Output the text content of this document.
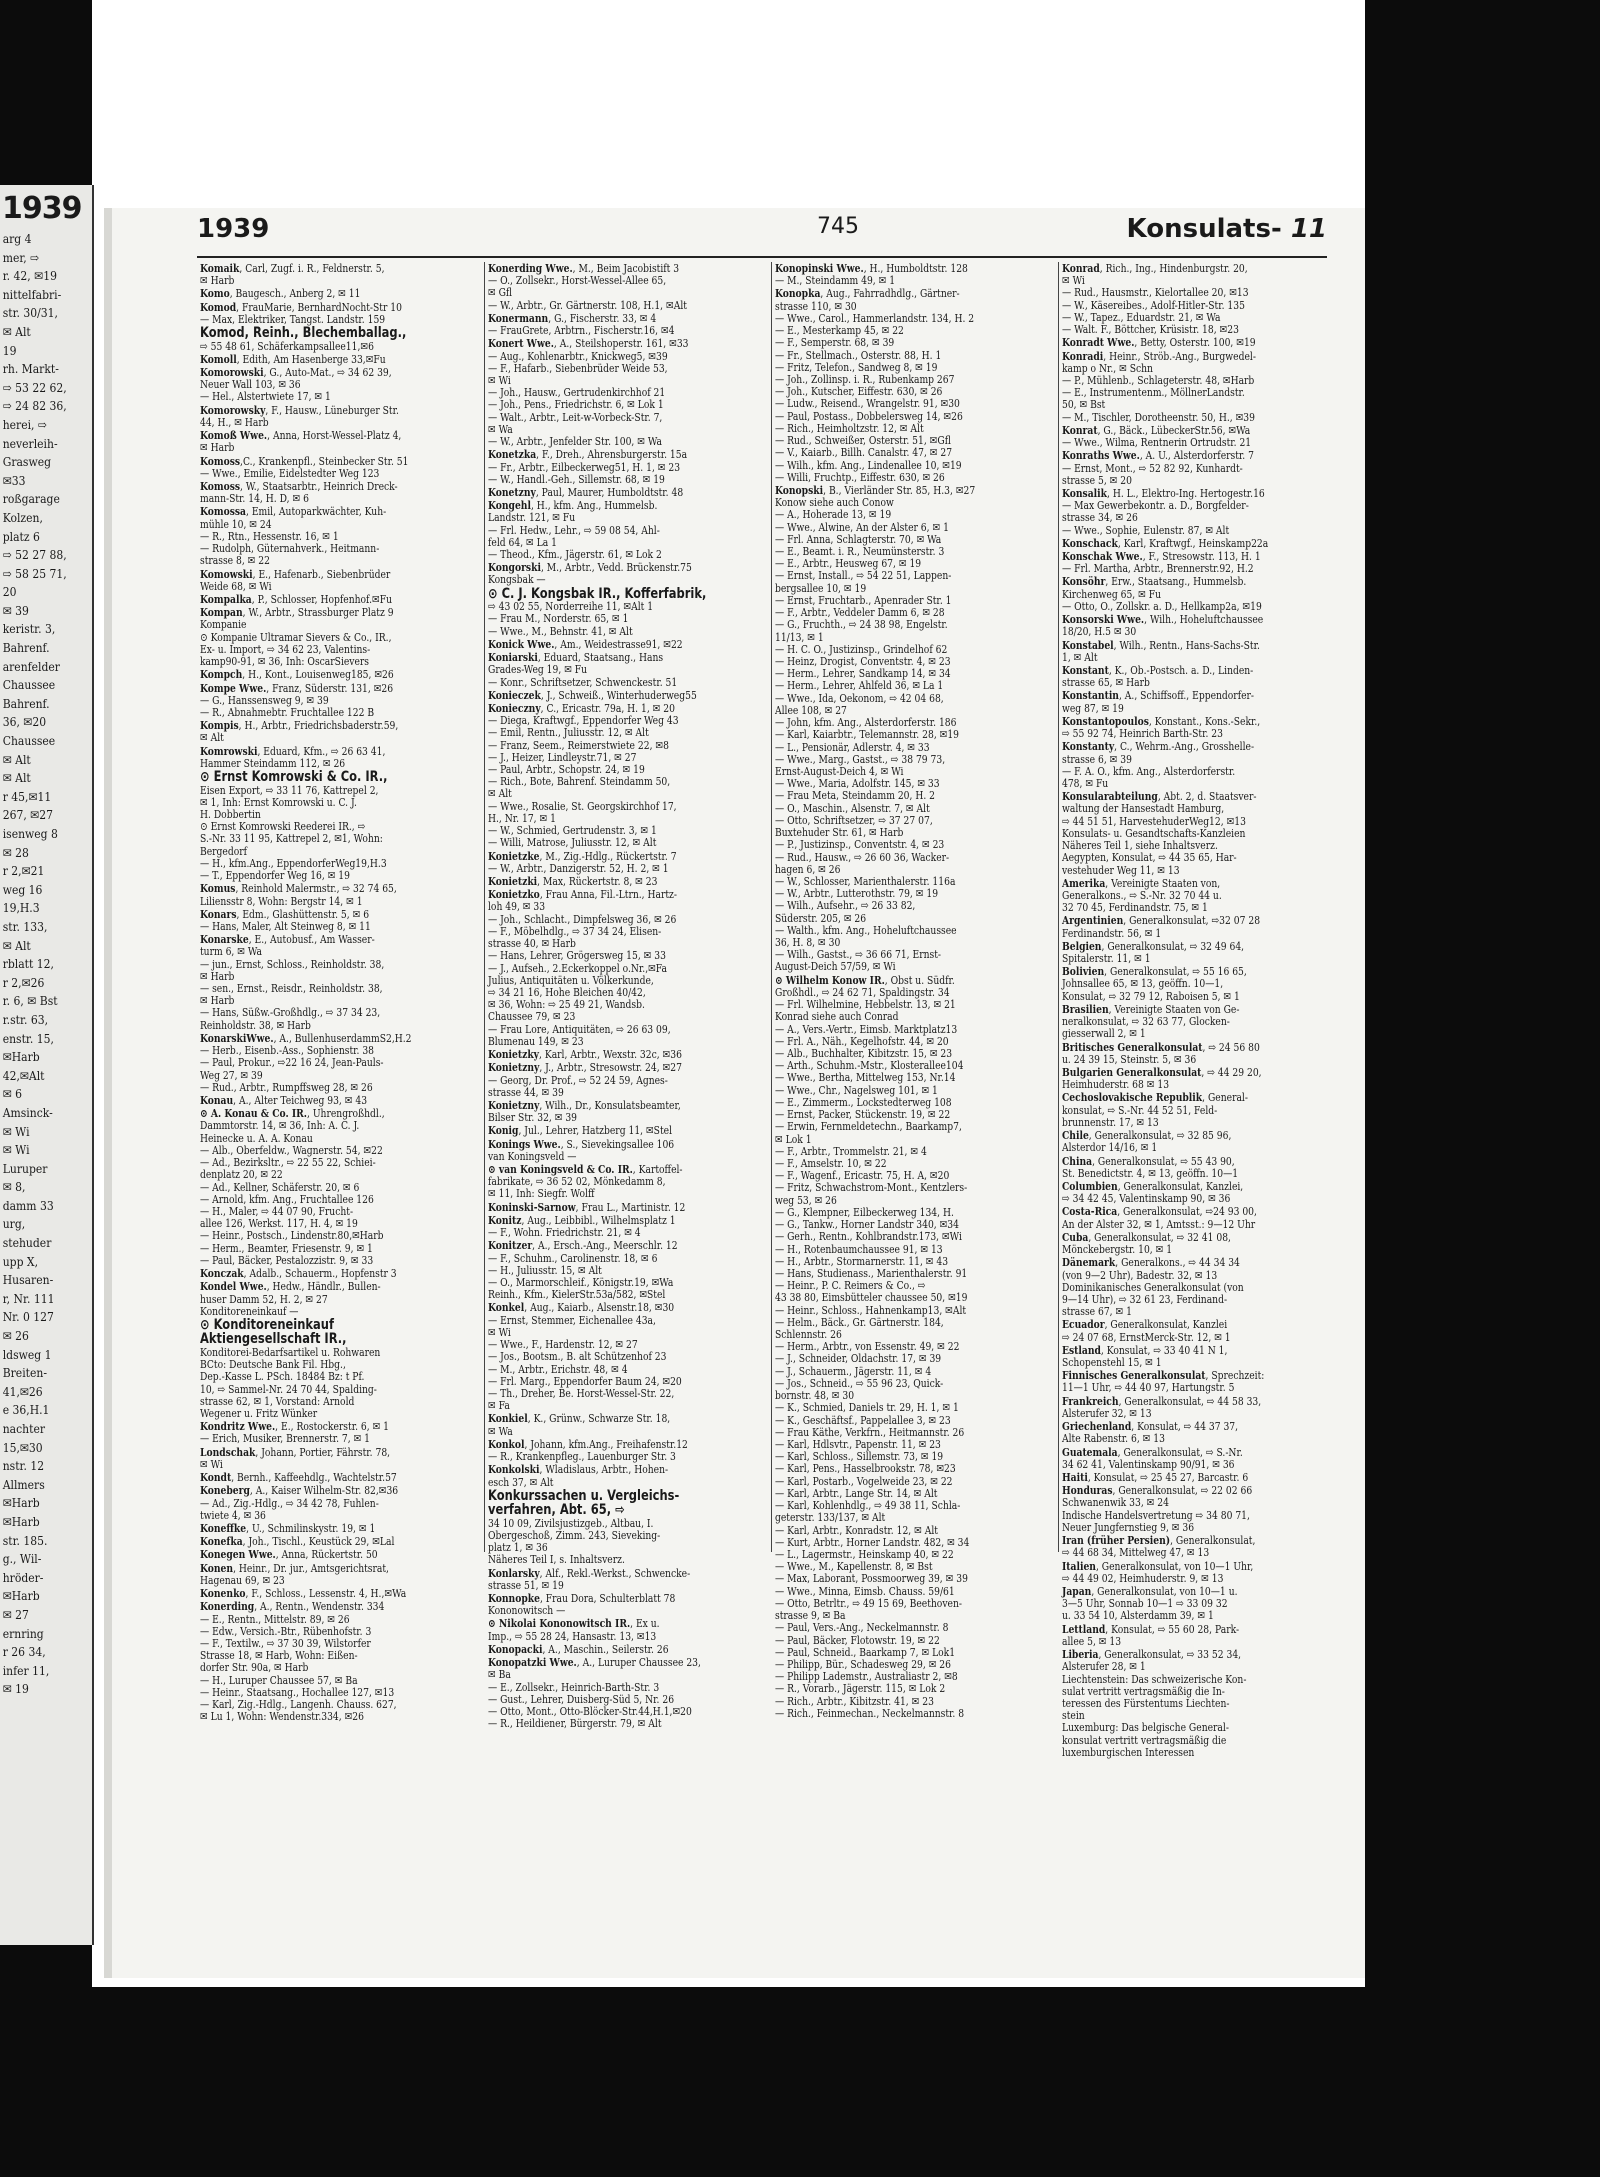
1939
arg 4
mer, ⇨
r. 42, ✉19
nittelfabri-
str. 30/31,
✉ Alt
19
rh. Markt-
⇨ 53 22 62,
⇨ 24 82 36,
herei, ⇨
neverleih-
Grasweg
✉33
roßgarage
Kolzen,
platz 6
⇨ 52 27 88,
⇨ 58 25 71,
20
✉ 39
keristr. 3,
Bahrenf.
arenfelder
Chaussee
Bahrenf.
36, ✉20
Chaussee
✉ Alt
✉ Alt
r 45,✉11
267, ✉27
isenweg 8
✉ 28
r 2,✉21
weg 16
19,H.3
str. 133,
✉ Alt
rblatt 12,
r 2,✉26
r. 6, ✉ Bst
r.str. 63,
enstr. 15,
✉Harb
42,✉Alt
✉ 6
Amsinck-
✉ Wi
✉ Wi
Luruper
✉ 8,
damm 33
urg,
stehuder
upp X,
Husaren-
r, Nr. 111
Nr. 0 127
✉ 26
ldsweg 1
Breiten-
41,✉26
e 36,H.1
nachter
15,✉30
nstr. 12
Allmers
✉Harb
✉Harb
str. 185.
g., Wil-
hröder-
✉Harb
✉ 27
ernring
r 26 34,
infer 11,
✉ 19
1939	745	Konsulats- 11
Komaik, Carl, Zugf. i. R., Feldnerstr. 5,
✉ Harb
Komo, Baugesch., Anberg 2, ✉ 11
Komod, FrauMarie, BernhardNocht-Str 10
— Max, Elektriker, Tangst. Landstr. 159
Komod, Reinh., Blechemballag.,
⇨ 55 48 61, Schäferkampsallee11,✉6
Komoll, Edith, Am Hasenberge 33,✉Fu
Komorowski, G., Auto-Mat., ⇨ 34 62 39,
Neuer Wall 103, ✉ 36
— Hel., Alstertwiete 17, ✉ 1
Komorowsky, F., Hausw., Lüneburger Str.
44, H., ✉ Harb
Komoß Wwe., Anna, Horst-Wessel-Platz 4,
✉ Harb
Komoss,C., Krankenpfl., Steinbecker Str. 51
— Wwe., Emilie, Eidelstedter Weg 123
Komoss, W., Staatsarbtr., Heinrich Dreck-
mann-Str. 14, H. D, ✉ 6
Komossa, Emil, Autoparkwächter, Kuh-
mühle 10, ✉ 24
— R., Rtn., Hessenstr. 16, ✉ 1
— Rudolph, Güternahverk., Heitmann-
strasse 8, ✉ 22
Komowski, E., Hafenarb., Siebenbrüder
Weide 68, ✉ Wi
Kompalka, P., Schlosser, Hopfenhof.✉Fu
Kompan, W., Arbtr., Strassburger Platz 9
Kompanie
⊙ Kompanie Ultramar Sievers & Co., IR.,
Ex- u. Import, ⇨ 34 62 23, Valentins-
kamp90-91, ✉ 36, Inh: OscarSievers
Kompch, H., Kont., Louisenweg185, ✉26
Kompe Wwe., Franz, Süderstr. 131, ✉26
— G., Hanssensweg 9, ✉ 39
— R., Abnahmebtr. Fruchtallee 122 B
Kompis, H., Arbtr., Friedrichsbaderstr.59,
✉ Alt
Komrowski, Eduard, Kfm., ⇨ 26 63 41,
Hammer Steindamm 112, ✉ 26
⊙ Ernst Komrowski & Co. IR.,
Eisen Export, ⇨ 33 11 76, Kattrepel 2,
✉ 1, Inh: Ernst Komrowski u. C. J.
H. Dobbertin
⊙ Ernst Komrowski Reederei IR., ⇨
S.-Nr. 33 11 95, Kattrepel 2, ✉1, Wohn:
Bergedorf
— H., kfm.Ang., EppendorferWeg19,H.3
— T., Eppendorfer Weg 16, ✉ 19
Komus, Reinhold Malermstr., ⇨ 32 74 65,
Liliensstr 8, Wohn: Bergstr 14, ✉ 1
Konars, Edm., Glashüttenstr. 5, ✉ 6
— Hans, Maler, Alt Steinweg 8, ✉ 11
Konarske, E., Autobusf., Am Wasser-
turm 6, ✉ Wa
— jun., Ernst, Schloss., Reinholdstr. 38,
✉ Harb
— sen., Ernst., Reisdr., Reinholdstr. 38,
✉ Harb
— Hans, Süßw.-Großhdlg., ⇨ 37 34 23,
Reinholdstr. 38, ✉ Harb
KonarskiWwe., A., BullenhuserdammS2,H.2
— Herb., Eisenb.-Ass., Sophienstr. 38
— Paul, Prokur., ⇨22 16 24, Jean-Pauls-
Weg 27, ✉ 39
— Rud., Arbtr., Rumpffsweg 28, ✉ 26
Konau, A., Alter Teichweg 93, ✉ 43
⊙ A. Konau & Co. IR., Uhrengroßhdl.,
Dammtorstr. 14, ✉ 36, Inh: A. C. J.
Heinecke u. A. A. Konau
— Alb., Oberfeldw., Wagnerstr. 54, ✉22
— Ad., Bezirksltr., ⇨ 22 55 22, Schiei-
denplatz 20, ✉ 22
— Ad., Kellner, Schäferstr. 20, ✉ 6
— Arnold, kfm. Ang., Fruchtallee 126
— H., Maler, ⇨ 44 07 90, Frucht-
allee 126, Werkst. 117, H. 4, ✉ 19
— Heinr., Postsch., Lindenstr.80,✉Harb
— Herm., Beamter, Friesenstr. 9, ✉ 1
— Paul, Bäcker, Pestalozzistr. 9, ✉ 33
Konczak, Adalb., Schauerm., Hopfenstr 3
Kondel Wwe., Hedw., Händlr., Bullen-
huser Damm 52, H. 2, ✉ 27
Konditoreneinkauf —
⊙ Konditoreneinkauf
Aktiengesellschaft IR.,
Konditorei-Bedarfsartikel u. Rohwaren
BCto: Deutsche Bank Fil. Hbg.,
Dep.-Kasse L. PSch. 18484 Bz: t Pf.
10, ⇨ Sammel-Nr. 24 70 44, Spalding-
strasse 62, ✉ 1, Vorstand: Arnold
Wegener u. Fritz Wünker
Kondritz Wwe., E., Rostockerstr. 6, ✉ 1
— Erich, Musiker, Brennerstr. 7, ✉ 1
Londschak, Johann, Portier, Fährstr. 78,
✉ Wi
Kondt, Bernh., Kaffeehdlg., Wachtelstr.57
Koneberg, A., Kaiser Wilhelm-Str. 82,✉36
— Ad., Zig.-Hdlg., ⇨ 34 42 78, Fuhlen-
twiete 4, ✉ 36
Koneffke, U., Schmilinskystr. 19, ✉ 1
Konefka, Joh., Tischl., Keustück 29, ✉Lal
Konegen Wwe., Anna, Rückertstr. 50
Konen, Heinr., Dr. jur., Amtsgerichtsrat,
Hagenau 69, ✉ 23
Konenko, F., Schloss., Lessenstr. 4, H.,✉Wa
Konerding, A., Rentn., Wendenstr. 334
— E., Rentn., Mittelstr. 89, ✉ 26
— Edw., Versich.-Btr., Rübenhofstr. 3
— F., Textilw., ⇨ 37 30 39, Wilstorfer
Strasse 18, ✉ Harb, Wohn: Eißen-
dorfer Str. 90a, ✉ Harb
— H., Luruper Chaussee 57, ✉ Ba
— Heinr., Staatsang., Hochallee 127, ✉13
— Karl, Zig.-Hdlg., Langenh. Chauss. 627,
✉ Lu 1, Wohn: Wendenstr.334, ✉26
Konerding Wwe., M., Beim Jacobistift 3
— O., Zollsekr., Horst-Wessel-Allee 65,
✉ Gfl
— W., Arbtr., Gr. Gärtnerstr. 108, H.1, ✉Alt
Konermann, G., Fischerstr. 33, ✉ 4
— FrauGrete, Arbtrn., Fischerstr.16, ✉4
Konert Wwe., A., Steilshoperstr. 161, ✉33
— Aug., Kohlenarbtr., Knickweg5, ✉39
— F., Hafarb., Siebenbrüder Weide 53,
✉ Wi
— Joh., Hausw., Gertrudenkirchhof 21
— Joh., Pens., Friedrichstr. 6, ✉ Lok 1
— Walt., Arbtr., Leit-w-Vorbeck-Str. 7,
✉ Wa
— W., Arbtr., Jenfelder Str. 100, ✉ Wa
Konetzka, F., Dreh., Ahrensburgerstr. 15a
— Fr., Arbtr., Eilbeckerweg51, H. 1, ✉ 23
— W., Handl.-Geh., Sillemstr. 68, ✉ 19
Konetzny, Paul, Maurer, Humboldtstr. 48
Kongehl, H., kfm. Ang., Hummelsb.
Landstr. 121, ✉ Fu
— Frl. Hedw., Lehr., ⇨ 59 08 54, Ahl-
feld 64, ✉ La 1
— Theod., Kfm., Jägerstr. 61, ✉ Lok 2
Kongorski, M., Arbtr., Vedd. Brückenstr.75
Kongsbak —
⊙ C. J. Kongsbak IR., Kofferfabrik,
⇨ 43 02 55, Norderreihe 11, ✉Alt 1
— Frau M., Norderstr. 65, ✉ 1
— Wwe., M., Behnstr. 41, ✉ Alt
Konick Wwe., Am., Weidestrasse91, ✉22
Koniarski, Eduard, Staatsang., Hans
Grades-Weg 19, ✉ Fu
— Konr., Schriftsetzer, Schwenckestr. 51
Konieczek, J., Schweiß., Winterhuderweg55
Konieczny, C., Ericastr. 79a, H. 1, ✉ 20
— Diega, Kraftwgf., Eppendorfer Weg 43
— Emil, Rentn., Juliusstr. 12, ✉ Alt
— Franz, Seem., Reimerstwiete 22, ✉8
— J., Heizer, Lindleystr.71, ✉ 27
— Paul, Arbtr., Schopstr. 24, ✉ 19
— Rich., Bote, Bahrenf. Steindamm 50,
✉ Alt
— Wwe., Rosalie, St. Georgskirchhof 17,
H., Nr. 17, ✉ 1
— W., Schmied, Gertrudenstr. 3, ✉ 1
— Willi, Matrose, Juliusstr. 12, ✉ Alt
Konietzke, M., Zig.-Hdlg., Rückertstr. 7
— W., Arbtr., Danzigerstr. 52, H. 2, ✉ 1
Konietzki, Max, Rückertstr. 8, ✉ 23
Konietzko, Frau Anna, Fil.-Ltrn., Hartz-
loh 49, ✉ 33
— Joh., Schlacht., Dimpfelsweg 36, ✉ 26
— F., Möbelhdlg., ⇨ 37 34 24, Elisen-
strasse 40, ✉ Harb
— Hans, Lehrer, Grögersweg 15, ✉ 33
— J., Aufseh., 2.Eckerkoppel o.Nr.,✉Fa
Julius, Antiquitäten u. Völkerkunde,
⇨ 34 21 16, Hohe Bleichen 40/42,
✉ 36, Wohn: ⇨ 25 49 21, Wandsb.
Chaussee 79, ✉ 23
— Frau Lore, Antiquitäten, ⇨ 26 63 09,
Blumenau 149, ✉ 23
Konietzky, Karl, Arbtr., Wexstr. 32c, ✉36
Konietzny, J., Arbtr., Stresowstr. 24, ✉27
— Georg, Dr. Prof., ⇨ 52 24 59, Agnes-
strasse 44, ✉ 39
Konietzny, Wilh., Dr., Konsulatsbeamter,
Bilser Str. 32, ✉ 39
Konig, Jul., Lehrer, Hatzberg 11, ✉Stel
Konings Wwe., S., Sievekingsallee 106
van Koningsveld —
⊙ van Koningsveld & Co. IR., Kartoffel-
fabrikate, ⇨ 36 52 02, Mönkedamm 8,
✉ 11, Inh: Siegfr. Wolff
Koninski-Sarnow, Frau L., Martinistr. 12
Konitz, Aug., Leibbibl., Wilhelmsplatz 1
— F., Wohn. Friedrichstr. 21, ✉ 4
Konitzer, A., Ersch.-Ang., Meerschlr. 12
— F., Schuhm., Carolinenstr. 18, ✉ 6
— H., Juliusstr. 15, ✉ Alt
— O., Marmorschleif., Königstr.19, ✉Wa
Reinh., Kfm., KielerStr.53a/582, ✉Stel
Konkel, Aug., Kaiarb., Alsenstr.18, ✉30
— Ernst, Stemmer, Eichenallee 43a,
✉ Wi
— Wwe., F., Hardenstr. 12, ✉ 27
— Jos., Bootsm., B. alt Schützenhof 23
— M., Arbtr., Erichstr. 48, ✉ 4
— Frl. Marg., Eppendorfer Baum 24, ✉20
— Th., Dreher, Be. Horst-Wessel-Str. 22,
✉ Fa
Konkiel, K., Grünw., Schwarze Str. 18,
✉ Wa
Konkol, Johann, kfm.Ang., Freihafenstr.12
— R., Krankenpfleg., Lauenburger Str. 3
Konkolski, Wladislaus, Arbtr., Hohen-
esch 37, ✉ Alt
Konkurssachen u. Vergleichs-
verfahren, Abt. 65, ⇨
34 10 09, Zivilsjustizgeb., Altbau, I.
Obergeschoß, Zimm. 243, Sieveking-
platz 1, ✉ 36
Näheres Teil I, s. Inhaltsverz.
Konlarsky, Alf., Rekl.-Werkst., Schwencke-
strasse 51, ✉ 19
Konnopke, Frau Dora, Schulterblatt 78
Kononowitsch —
⊙ Nikolai Kononowitsch IR., Ex u.
Imp., ⇨ 55 28 24, Hansastr. 13, ✉13
Konopacki, A., Maschin., Seilerstr. 26
Konopatzki Wwe., A., Luruper Chaussee 23,
✉ Ba
— E., Zollsekr., Heinrich-Barth-Str. 3
— Gust., Lehrer, Duisberg-Süd 5, Nr. 26
— Otto, Mont., Otto-Blöcker-Str.44,H.1,✉20
— R., Heildiener, Bürgerstr. 79, ✉ Alt
Konopinski Wwe., H., Humboldtstr. 128
— M., Steindamm 49, ✉ 1
Konopka, Aug., Fahrradhdlg., Gärtner-
strasse 110, ✉ 30
— Wwe., Carol., Hammerlandstr. 134, H. 2
— E., Mesterkamp 45, ✉ 22
— F., Semperstr. 68, ✉ 39
— Fr., Stellmach., Osterstr. 88, H. 1
— Fritz, Telefon., Sandweg 8, ✉ 19
— Joh., Zollinsp. i. R., Rubenkamp 267
— Joh., Kutscher, Eiffestr. 630, ✉ 26
— Ludw., Reisend., Wrangelstr. 91, ✉30
— Paul, Postass., Dobbelersweg 14, ✉26
— Rich., Heimholtzstr. 12, ✉ Alt
— Rud., Schweißer, Osterstr. 51, ✉Gfl
— V., Kaiarb., Billh. Canalstr. 47, ✉ 27
— Wilh., kfm. Ang., Lindenallee 10, ✉19
— Willi, Fruchtp., Eiffestr. 630, ✉ 26
Konopski, B., Vierländer Str. 85, H.3, ✉27
Konow siehe auch Conow
— A., Hoherade 13, ✉ 19
— Wwe., Alwine, An der Alster 6, ✉ 1
— Frl. Anna, Schlagterstr. 70, ✉ Wa
— E., Beamt. i. R., Neumünsterstr. 3
— E., Arbtr., Heusweg 67, ✉ 19
— Ernst, Install., ⇨ 54 22 51, Lappen-
bergsallee 10, ✉ 19
— Ernst, Fruchtarb., Apenrader Str. 1
— F., Arbtr., Veddeler Damm 6, ✉ 28
— G., Fruchth., ⇨ 24 38 98, Engelstr.
11/13, ✉ 1
— H. C. O., Justizinsp., Grindelhof 62
— Heinz, Drogist, Conventstr. 4, ✉ 23
— Herm., Lehrer, Sandkamp 14, ✉ 34
— Herm., Lehrer, Ahlfeld 36, ✉ La 1
— Wwe., Ida, Oekonom, ⇨ 42 04 68,
Allee 108, ✉ 27
— John, kfm. Ang., Alsterdorferstr. 186
— Karl, Kaiarbtr., Telemannstr. 28, ✉19
— L., Pensionär, Adlerstr. 4, ✉ 33
— Wwe., Marg., Gastst., ⇨ 38 79 73,
Ernst-August-Deich 4, ✉ Wi
— Wwe., Maria, Adolfstr. 145, ✉ 33
— Frau Meta, Steindamm 20, H. 2
— O., Maschin., Alsenstr. 7, ✉ Alt
— Otto, Schriftsetzer, ⇨ 37 27 07,
Buxtehuder Str. 61, ✉ Harb
— P., Justizinsp., Conventstr. 4, ✉ 23
— Rud., Hausw., ⇨ 26 60 36, Wacker-
hagen 6, ✉ 26
— W., Schlosser, Marienthalerstr. 116a
— W., Arbtr., Lutterothstr. 79, ✉ 19
— Wilh., Aufsehr., ⇨ 26 33 82,
Süderstr. 205, ✉ 26
— Walth., kfm. Ang., Hoheluftchaussee
36, H. 8, ✉ 30
— Wilh., Gastst., ⇨ 36 66 71, Ernst-
August-Deich 57/59, ✉ Wi
⊙ Wilhelm Konow IR., Obst u. Südfr.
Großhdl., ⇨ 24 62 71, Spaldingstr. 34
— Frl. Wilhelmine, Hebbelstr. 13, ✉ 21
Konrad siehe auch Conrad
— A., Vers.-Vertr., Eimsb. Marktplatz13
— Frl. A., Näh., Kegelhofstr. 44, ✉ 20
— Alb., Buchhalter, Kibitzstr. 15, ✉ 23
— Arth., Schuhm.-Mstr., Klosterallee104
— Wwe., Bertha, Mittelweg 153, Nr.14
— Wwe., Chr., Nagelsweg 101, ✉ 1
— E., Zimmerm., Lockstedterweg 108
— Ernst, Packer, Stückenstr. 19, ✉ 22
— Erwin, Fernmeldetechn., Baarkamp7,
✉ Lok 1
— F., Arbtr., Trommelstr. 21, ✉ 4
— F., Amselstr. 10, ✉ 22
— F., Wagenf., Ericastr. 75, H. A, ✉20
— Fritz, Schwachstrom-Mont., Kentzlers-
weg 53, ✉ 26
— G., Klempner, Eilbeckerweg 134, H.
— G., Tankw., Horner Landstr 340, ✉34
— Gerh., Rentn., Kohlbrandstr.173, ✉Wi
— H., Rotenbaumchaussee 91, ✉ 13
— H., Arbtr., Stormarnerstr. 11, ✉ 43
— Hans, Studienass., Marienthalerstr. 91
— Heinr., P. C. Reimers & Co., ⇨
43 38 80, Eimsbütteler chaussee 50, ✉19
— Heinr., Schloss., Hahnenkamp13, ✉Alt
— Helm., Bäck., Gr. Gärtnerstr. 184,
Schlennstr. 26
— Herm., Arbtr., von Essenstr. 49, ✉ 22
— J., Schneider, Oldachstr. 17, ✉ 39
— J., Schauerm., Jägerstr. 11, ✉ 4
— Jos., Schneid., ⇨ 55 96 23, Quick-
bornstr. 48, ✉ 30
— K., Schmied, Daniels tr. 29, H. 1, ✉ 1
— K., Geschäftsf., Pappelallee 3, ✉ 23
— Frau Käthe, Verkfrn., Heitmannstr. 26
— Karl, Hdlsvtr., Papenstr. 11, ✉ 23
— Karl, Schloss., Sillemstr. 73, ✉ 19
— Karl, Pens., Hasselbrookstr. 78, ✉23
— Karl, Postarb., Vogelweide 23, ✉ 22
— Karl, Arbtr., Lange Str. 14, ✉ Alt
— Karl, Kohlenhdlg., ⇨ 49 38 11, Schla-
geterstr. 133/137, ✉ Alt
— Karl, Arbtr., Konradstr. 12, ✉ Alt
— Kurt, Arbtr., Horner Landstr. 482, ✉ 34
— L., Lagermstr., Heinskamp 40, ✉ 22
— Wwe., M., Kapellenstr. 8, ✉ Bst
— Max, Laborant, Possmoorweg 39, ✉ 39
— Wwe., Minna, Eimsb. Chauss. 59/61
— Otto, Betrltr., ⇨ 49 15 69, Beethoven-
strasse 9, ✉ Ba
— Paul, Vers.-Ang., Neckelmannstr. 8
— Paul, Bäcker, Flotowstr. 19, ✉ 22
— Paul, Schneid., Baarkamp 7, ✉ Lok1
— Philipp, Bür., Schadesweg 29, ✉ 26
— Philipp Lademstr., Australiastr 2, ✉8
— R., Vorarb., Jägerstr. 115, ✉ Lok 2
— Rich., Arbtr., Kibitzstr. 41, ✉ 23
— Rich., Feinmechan., Neckelmannstr. 8
Konrad, Rich., Ing., Hindenburgstr. 20,
✉ Wi
— Rud., Hausmstr., Kielortallee 20, ✉13
— W., Käsereibes., Adolf-Hitler-Str. 135
— W., Tapez., Eduardstr. 21, ✉ Wa
— Walt. F., Böttcher, Krüsistr. 18, ✉23
Konradt Wwe., Betty, Osterstr. 100, ✉19
Konradi, Heinr., Ströb.-Ang., Burgwedel-
kamp o Nr., ✉ Schn
— P., Mühlenb., Schlageterstr. 48, ✉Harb
— E., Instrumentenm., MöllnerLandstr.
50, ✉ Bst
— M., Tischler, Dorotheenstr. 50, H., ✉39
Konrat, G., Bäck., LübeckerStr.56, ✉Wa
— Wwe., Wilma, Rentnerin Ortrudstr. 21
Konraths Wwe., A. U., Alsterdorferstr. 7
— Ernst, Mont., ⇨ 52 82 92, Kunhardt-
strasse 5, ✉ 20
Konsalik, H. L., Elektro-Ing. Hertogestr.16
— Max Gewerbekontr. a. D., Borgfelder-
strasse 34, ✉ 26
— Wwe., Sophie, Eulenstr. 87, ✉ Alt
Konschack, Karl, Kraftwgf., Heinskamp22a
Konschak Wwe., F., Stresowstr. 113, H. 1
— Frl. Martha, Arbtr., Brennerstr.92, H.2
Konsöhr, Erw., Staatsang., Hummelsb.
Kirchenweg 65, ✉ Fu
— Otto, O., Zollskr. a. D., Hellkamp2a, ✉19
Konsorski Wwe., Wilh., Hoheluftchaussee
18/20, H.5 ✉ 30
Konstabel, Wilh., Rentn., Hans-Sachs-Str.
1, ✉ Alt
Konstant, K., Ob.-Postsch. a. D., Linden-
strasse 65, ✉ Harb
Konstantin, A., Schiffsoff., Eppendorfer-
weg 87, ✉ 19
Konstantopoulos, Konstant., Kons.-Sekr.,
⇨ 55 92 74, Heinrich Barth-Str. 23
Konstanty, C., Wehrm.-Ang., Grosshelle-
strasse 6, ✉ 39
— F. A. O., kfm. Ang., Alsterdorferstr.
478, ✉ Fu
Konsularabteilung, Abt. 2, d. Staatsver-
waltung der Hansestadt Hamburg,
⇨ 44 51 51, HarvestehuderWeg12, ✉13
Konsulats- u. Gesandtschafts-Kanzleien
Näheres Teil 1, siehe Inhaltsverz.
Aegypten, Konsulat, ⇨ 44 35 65, Har-
vestehuder Weg 11, ✉ 13
Amerika, Vereinigte Staaten von,
Generalkons., ⇨ S.-Nr. 32 70 44 u.
32 70 45, Ferdinandstr. 75, ✉ 1
Argentinien, Generalkonsulat, ⇨32 07 28
Ferdinandstr. 56, ✉ 1
Belgien, Generalkonsulat, ⇨ 32 49 64,
Spitalerstr. 11, ✉ 1
Bolivien, Generalkonsulat, ⇨ 55 16 65,
Johnsallee 65, ✉ 13, geöffn. 10—1,
Konsulat, ⇨ 32 79 12, Raboisen 5, ✉ 1
Brasilien, Vereinigte Staaten von Ge-
neralkonsulat, ⇨ 32 63 77, Glocken-
giesserwall 2, ✉ 1
Britisches Generalkonsulat, ⇨ 24 56 80
u. 24 39 15, Steinstr. 5, ✉ 36
Bulgarien Generalkonsulat, ⇨ 44 29 20,
Heimhuderstr. 68 ✉ 13
Cechoslovakische Republik, General-
konsulat, ⇨ S.-Nr. 44 52 51, Feld-
brunnenstr. 17, ✉ 13
Chile, Generalkonsulat, ⇨ 32 85 96,
Alsterdor 14/16, ✉ 1
China, Generalkonsulat, ⇨ 55 43 90,
St. Benedictstr. 4, ✉ 13, geöffn. 10—1
Columbien, Generalkonsulat, Kanzlei,
⇨ 34 42 45, Valentinskamp 90, ✉ 36
Costa-Rica, Generalkonsulat, ⇨24 93 00,
An der Alster 32, ✉ 1, Amtsst.: 9—12 Uhr
Cuba, Generalkonsulat, ⇨ 32 41 08,
Mönckebergstr. 10, ✉ 1
Dänemark, Generalkons., ⇨ 44 34 34
(von 9—2 Uhr), Badestr. 32, ✉ 13
Dominikanisches Generalkonsulat (von
9—14 Uhr), ⇨ 32 61 23, Ferdinand-
strasse 67, ✉ 1
Ecuador, Generalkonsulat, Kanzlei
⇨ 24 07 68, ErnstMerck-Str. 12, ✉ 1
Estland, Konsulat, ⇨ 33 40 41 N 1,
Schopenstehl 15, ✉ 1
Finnisches Generalkonsulat, Sprechzeit:
11—1 Uhr, ⇨ 44 40 97, Hartungstr. 5
Frankreich, Generalkonsulat, ⇨ 44 58 33,
Alsterufer 32, ✉ 13
Griechenland, Konsulat, ⇨ 44 37 37,
Alte Rabenstr. 6, ✉ 13
Guatemala, Generalkonsulat, ⇨ S.-Nr.
34 62 41, Valentinskamp 90/91, ✉ 36
Haiti, Konsulat, ⇨ 25 45 27, Barcastr. 6
Honduras, Generalkonsulat, ⇨ 22 02 66
Schwanenwik 33, ✉ 24
Indische Handelsvertretung ⇨ 34 80 71,
Neuer Jungfernstieg 9, ✉ 36
Iran (früher Persien), Generalkonsulat,
⇨ 44 68 34, Mittelweg 47, ✉ 13
Italien, Generalkonsulat, von 10—1 Uhr,
⇨ 44 49 02, Heimhuderstr. 9, ✉ 13
Japan, Generalkonsulat, von 10—1 u.
3—5 Uhr, Sonnab 10—1 ⇨ 33 09 32
u. 33 54 10, Alsterdamm 39, ✉ 1
Lettland, Konsulat, ⇨ 55 60 28, Park-
allee 5, ✉ 13
Liberia, Generalkonsulat, ⇨ 33 52 34,
Alsterufer 28, ✉ 1
Liechtenstein: Das schweizerische Kon-
sulat vertritt vertragsmäßig die In-
teressen des Fürstentums Liechten-
stein
Luxemburg: Das belgische General-
konsulat vertritt vertragsmäßig die
luxemburgischen Interessen
